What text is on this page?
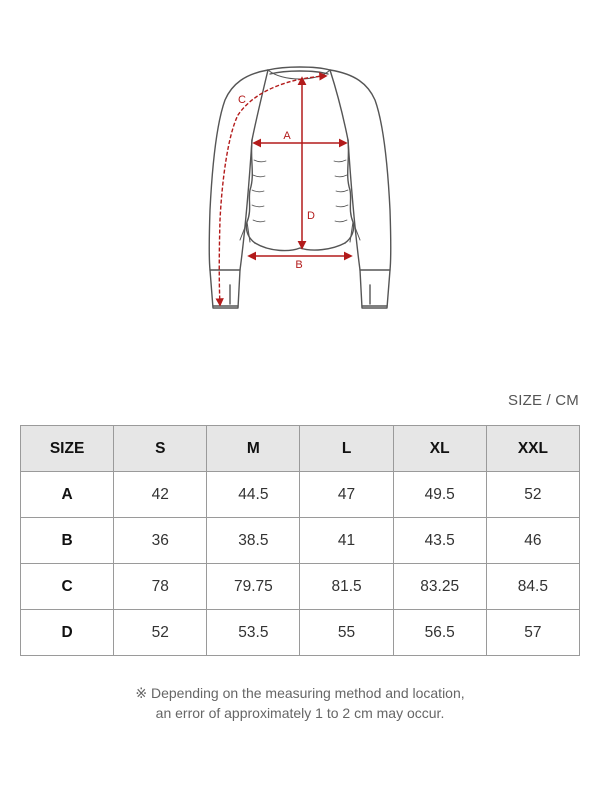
A
B
C
D
SIZE / CM
SIZE	S	M	L	XL	XXL
A	42	44.5	47	49.5	52
B	36	38.5	41	43.5	46
C	78	79.75	81.5	83.25	84.5
D	52	53.5	55	56.5	57
※ Depending on the measuring method and location,
an error of approximately 1 to 2 cm may occur.
